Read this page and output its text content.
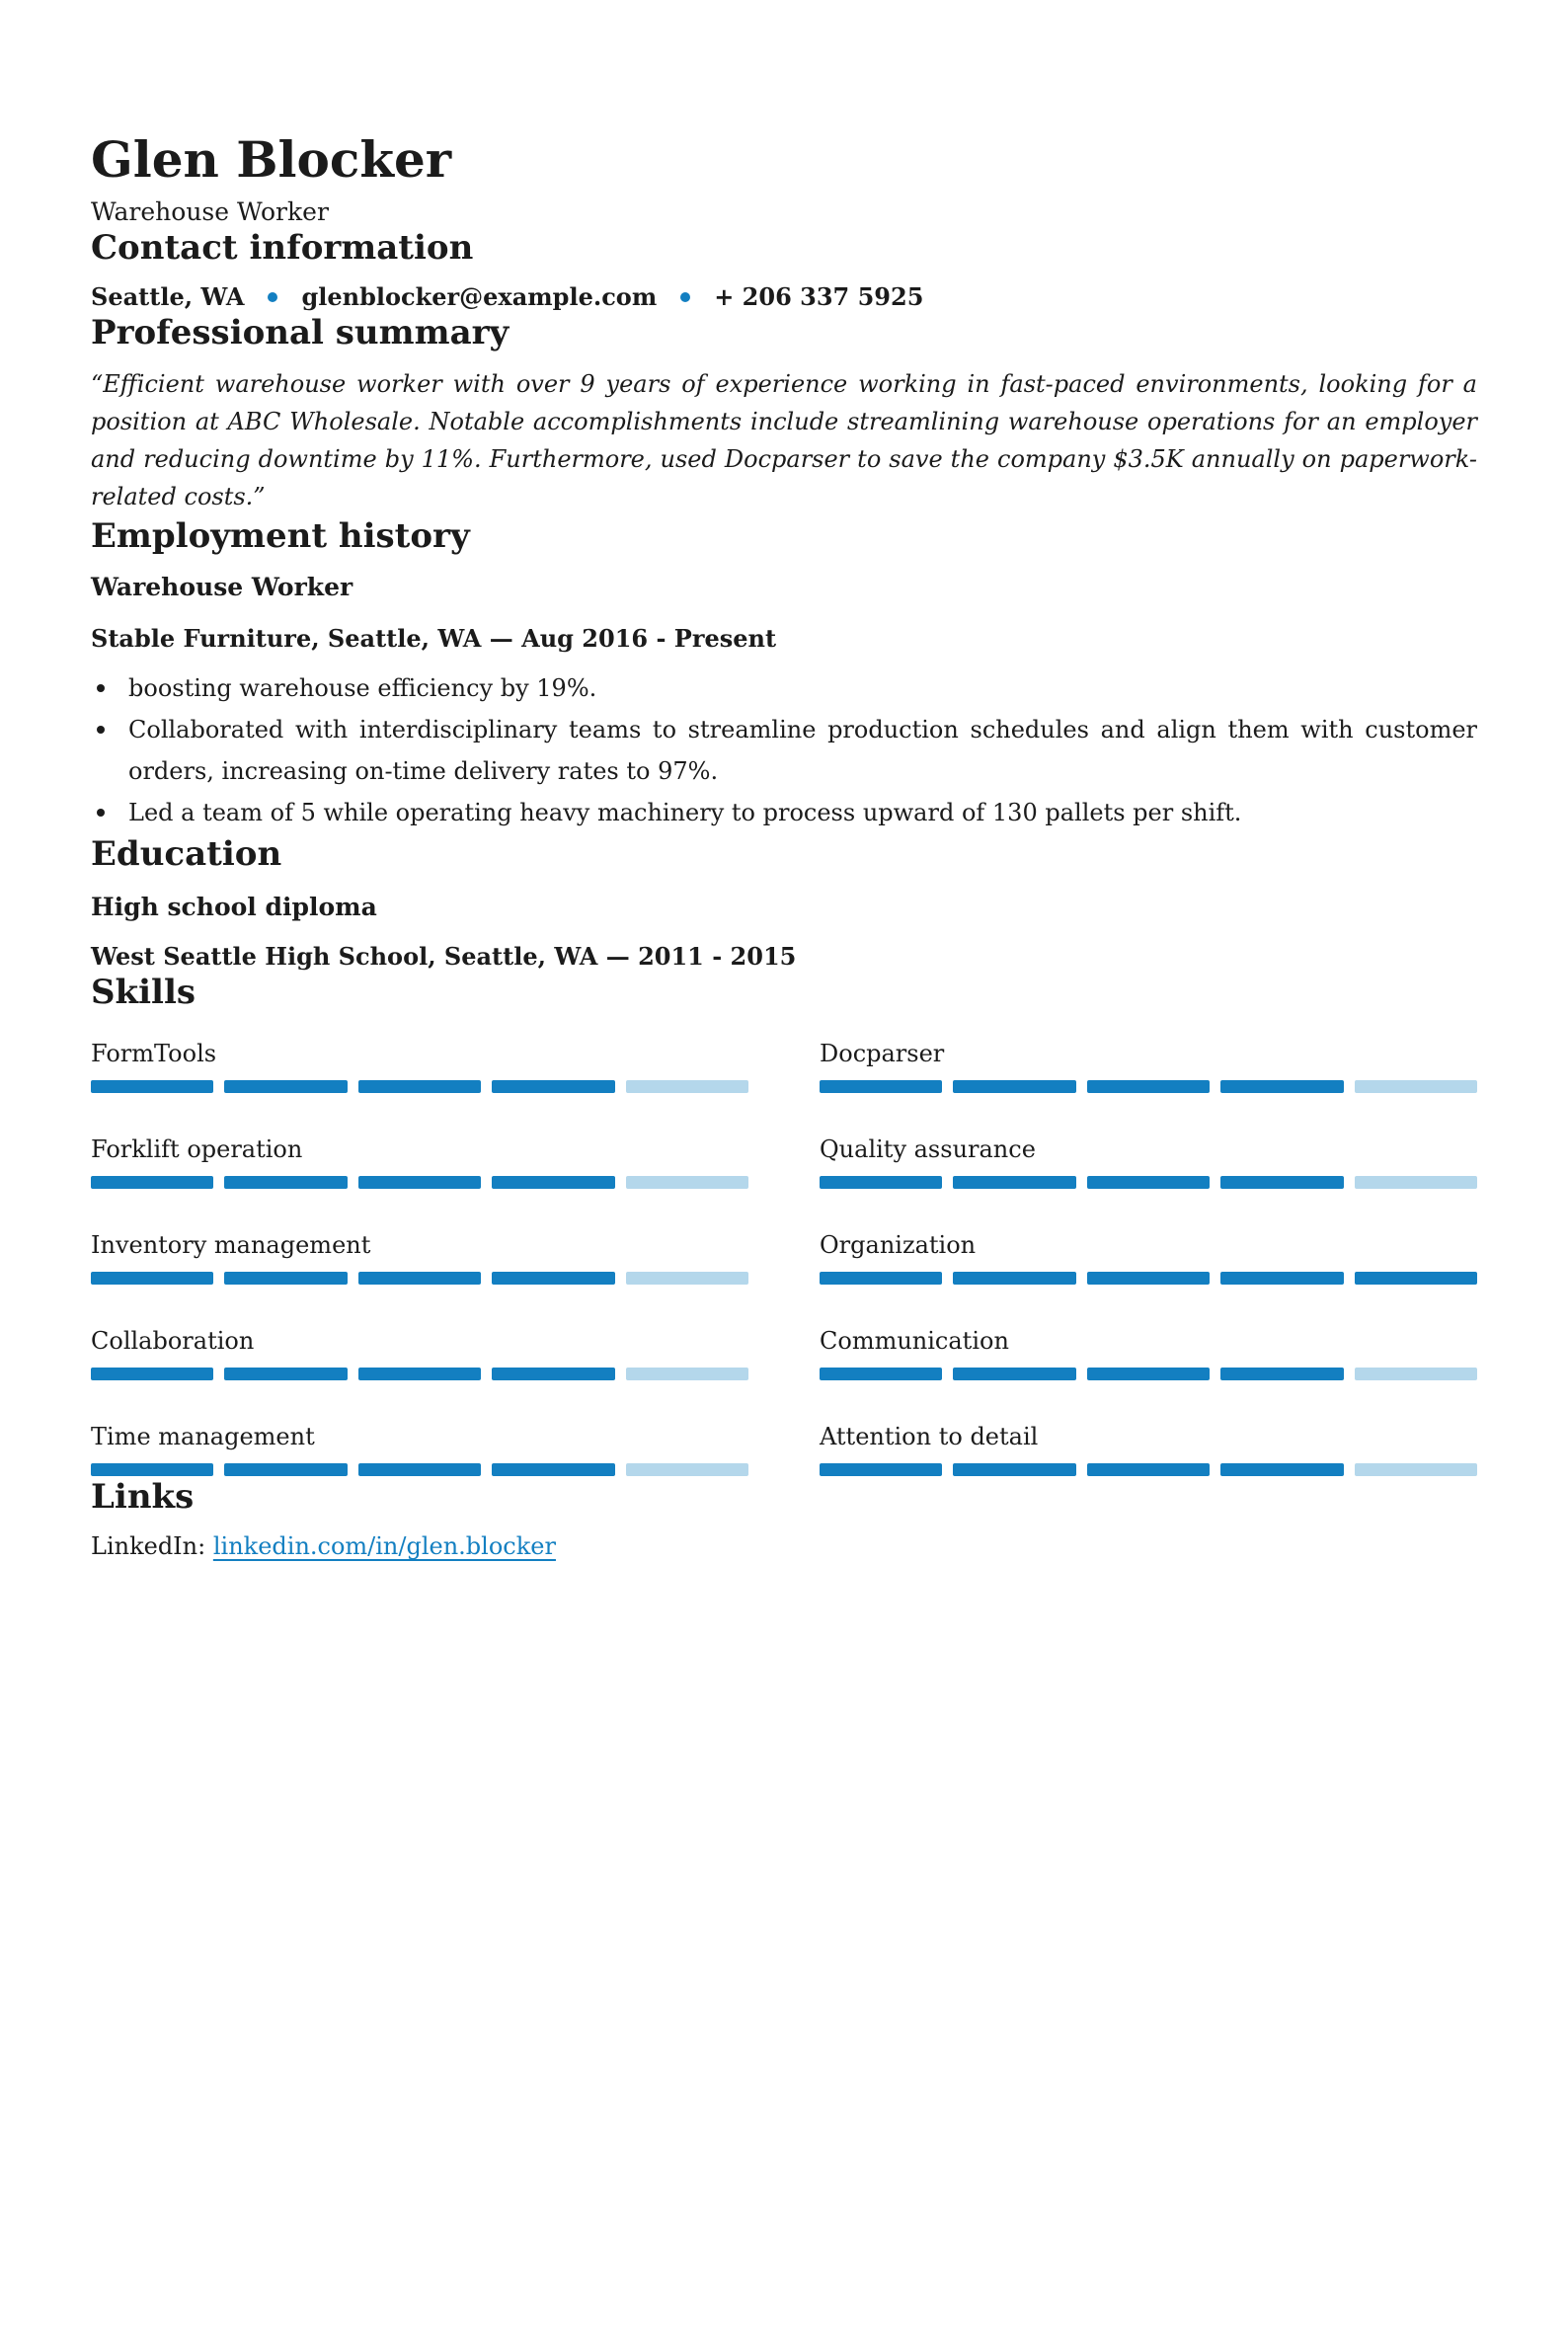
Glen Blocker
Warehouse Worker
Contact information
Seattle, WA glenblocker@example.com + 206 337 5925
Professional summary

“Efficient warehouse worker with over 9 years of experience working in fast-paced environments, looking for a position at ABC Wholesale. Notable accomplishments include streamlining warehouse operations for an employer and reducing downtime by 11%. Furthermore, used Docparser to save the company $3.5K annually on paperwork-related costs.”

Employment history
Warehouse Worker
Stable Furniture, Seattle, WA — Aug 2016 - Present
boosting warehouse efficiency by 19%.
Collaborated with interdisciplinary teams to streamline production schedules and align them with customer orders, increasing on-time delivery rates to 97%.
Led a team of 5 while operating heavy machinery to process upward of 130 pallets per shift.
Education
High school diploma
West Seattle High School, Seattle, WA — 2011 - 2015
Skills
FormTools	Docparser
Forklift operation	Quality assurance
Inventory management	Organization
Collaboration	Communication
Time management	Attention to detail
Links
LinkedIn: linkedin.com/in/glen.blocker
